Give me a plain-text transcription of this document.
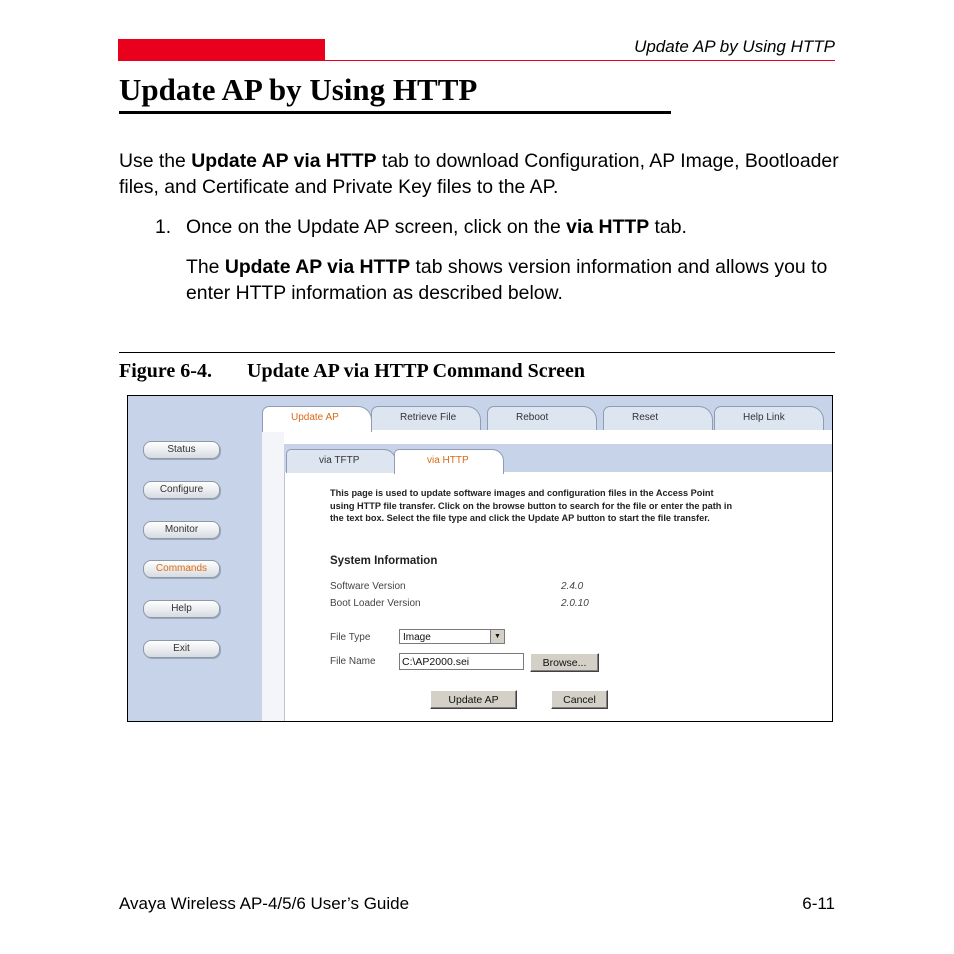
Update AP by Using HTTP
Update AP by Using HTTP

Use the Update AP via HTTP tab to download Configuration, AP Image, Bootloader files, and Certificate and Private Key files to the AP.

1. Once on the Update AP screen, click on the via HTTP tab.

The Update AP via HTTP tab shows version information and allows you to enter HTTP information as described below.

Figure 6-4. Update AP via HTTP Command Screen
Status
Configure
Monitor
Commands
Help
Exit
Update AP	Retrieve File	Reboot	Reset	Help Link
via TFTP	via HTTP

This page is used to update software images and configuration files in the Access Point using HTTP file transfer. Click on the browse button to search for the file or enter the path in the text box. Select the file type and click the Update AP button to start the file transfer.

System Information
Software Version	2.4.0
Boot Loader Version	2.0.10
File Type	Image	▼
File Name	C:\AP2000.sei	Browse...
Update AP	Cancel
Avaya Wireless AP-4/5/6 User’s Guide	6-11
